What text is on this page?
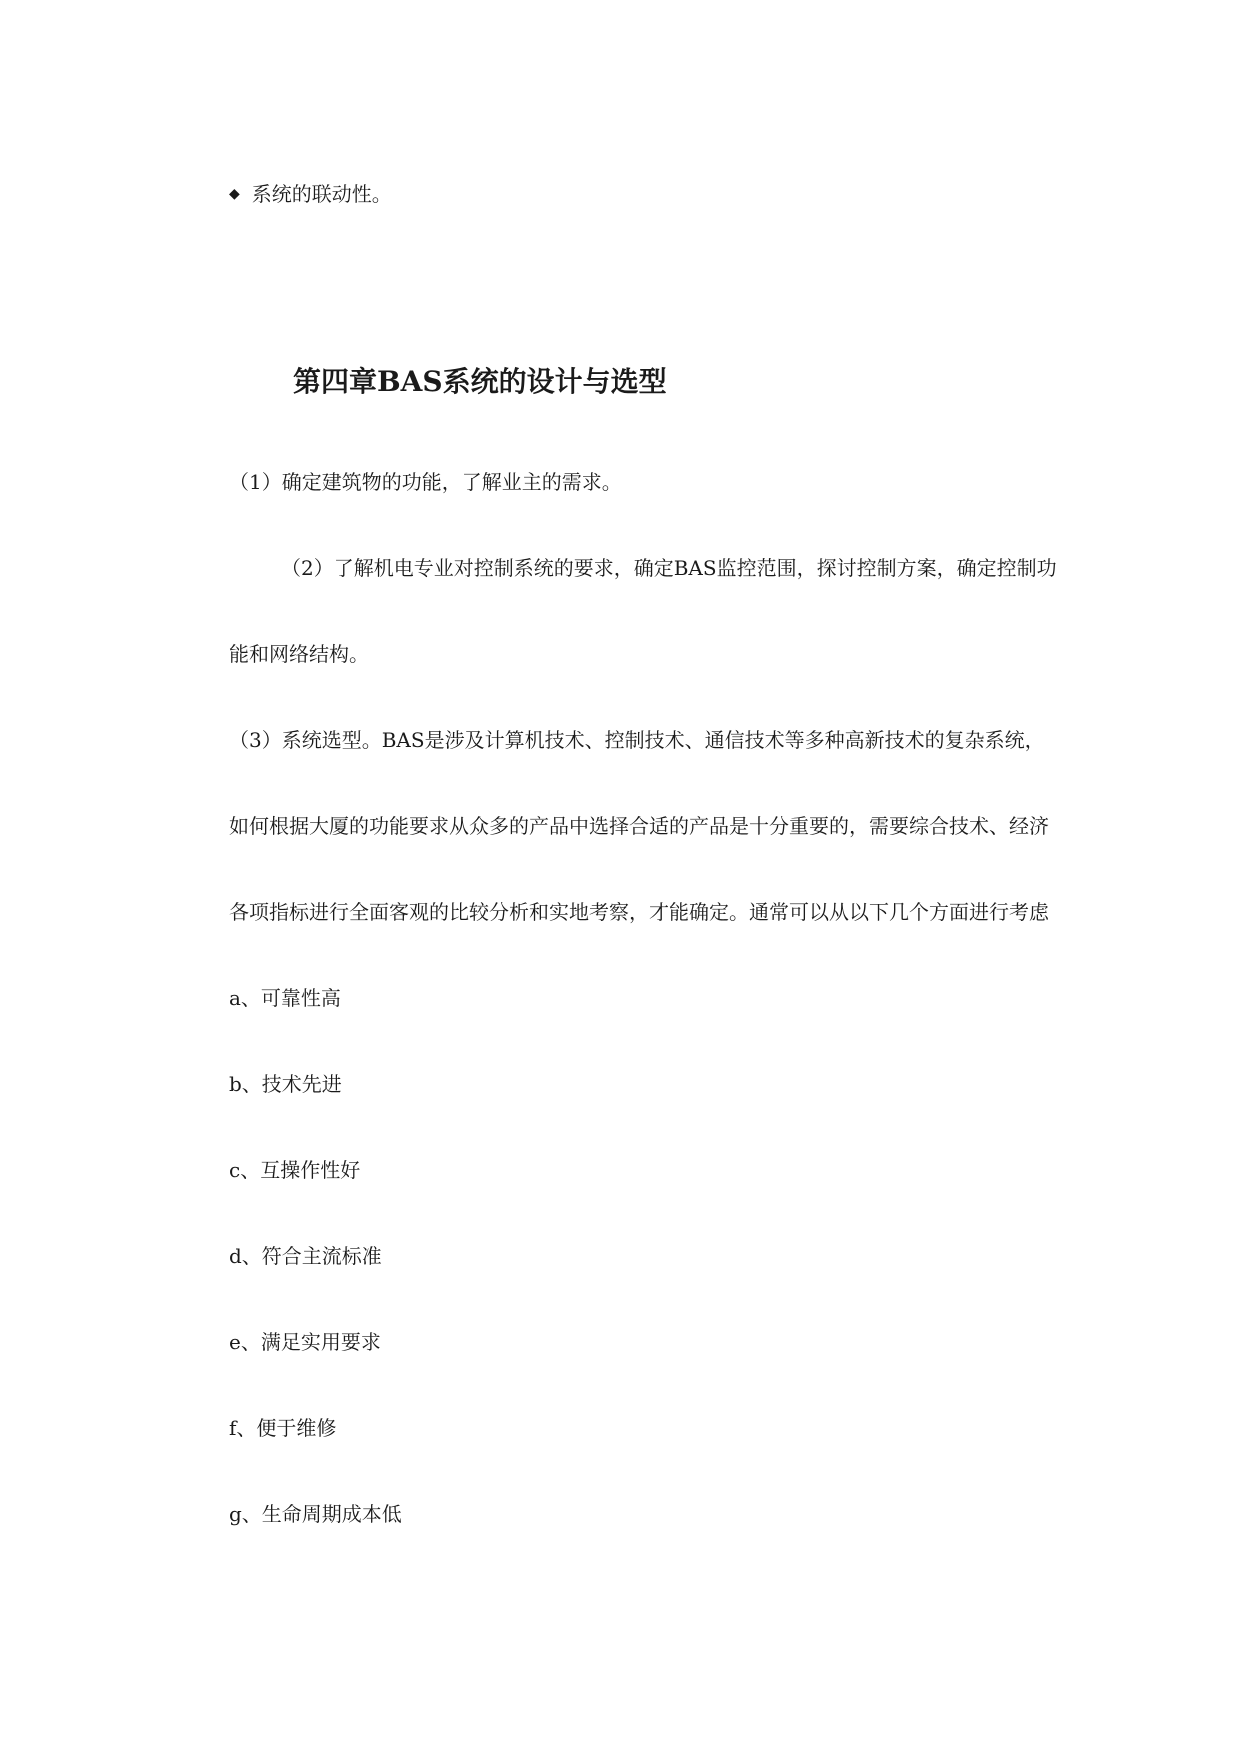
◆ 系统的联动性。
第四章BAS系统的设计与选型
（1）确定建筑物的功能，了解业主的需求。
（2）了解机电专业对控制系统的要求，确定BAS监控范围，探讨控制方案，确定控制功
能和网络结构。
（3）系统选型。BAS是涉及计算机技术、控制技术、通信技术等多种高新技术的复杂系统，
如何根据大厦的功能要求从众多的产品中选择合适的产品是十分重要的，需要综合技术、经济
各项指标进行全面客观的比较分析和实地考察，才能确定。通常可以从以下几个方面进行考虑
a、可靠性高
b、技术先进
c、互操作性好
d、符合主流标准
e、满足实用要求
f、便于维修
g、生命周期成本低
